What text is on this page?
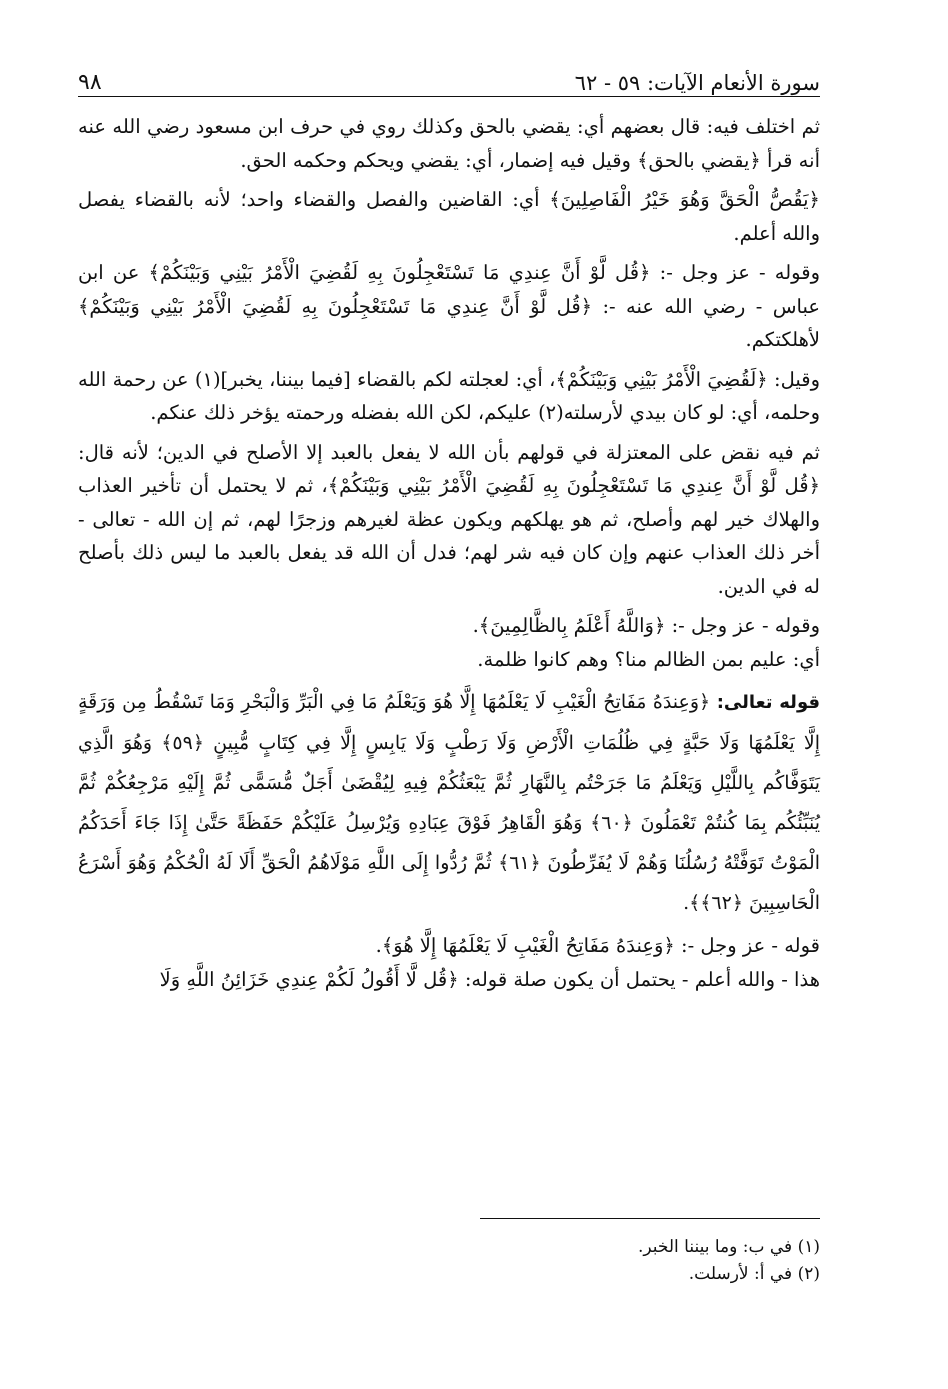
سورة الأنعام الآيات: ٥٩ - ٦٢
٩٨

ثم اختلف فيه: قال بعضهم أي: يقضي بالحق وكذلك روي في حرف ابن مسعود رضي الله عنه أنه قرأ ﴿يقضي بالحق﴾ وقيل فيه إضمار، أي: يقضي ويحكم وحكمه الحق.

﴿يَقُصُّ الْحَقَّ وَهُوَ خَيْرُ الْفَاصِلِينَ﴾ أي: القاضين والفصل والقضاء واحد؛ لأنه بالقضاء يفصل والله أعلم.

وقوله - عز وجل -: ﴿قُل لَّوْ أَنَّ عِندِي مَا تَسْتَعْجِلُونَ بِهِ لَقُضِيَ الْأَمْرُ بَيْنِي وَبَيْنَكُمْ﴾ عن ابن عباس - رضي الله عنه -: ﴿قُل لَّوْ أَنَّ عِندِي مَا تَسْتَعْجِلُونَ بِهِ لَقُضِيَ الْأَمْرُ بَيْنِي وَبَيْنَكُمْ﴾ لأهلكتكم.

وقيل: ﴿لَقُضِيَ الْأَمْرُ بَيْنِي وَبَيْنَكُمْ﴾، أي: لعجلته لكم بالقضاء [فيما بيننا، يخبر](١) عن رحمة الله وحلمه، أي: لو كان بيدي لأرسلته(٢) عليكم، لكن الله بفضله ورحمته يؤخر ذلك عنكم.

ثم فيه نقض على المعتزلة في قولهم بأن الله لا يفعل بالعبد إلا الأصلح في الدين؛ لأنه قال: ﴿قُل لَّوْ أَنَّ عِندِي مَا تَسْتَعْجِلُونَ بِهِ لَقُضِيَ الْأَمْرُ بَيْنِي وَبَيْنَكُمْ﴾، ثم لا يحتمل أن تأخير العذاب والهلاك خير لهم وأصلح، ثم هو يهلكهم ويكون عظة لغيرهم وزجرًا لهم، ثم إن الله - تعالى - أخر ذلك العذاب عنهم وإن كان فيه شر لهم؛ فدل أن الله قد يفعل بالعبد ما ليس ذلك بأصلح له في الدين.

وقوله - عز وجل -: ﴿وَاللَّهُ أَعْلَمُ بِالظَّالِمِينَ﴾.

أي: عليم بمن الظالم منا؟ وهم كانوا ظلمة.

قوله تعالى: ﴿وَعِندَهُ مَفَاتِحُ الْغَيْبِ لَا يَعْلَمُهَا إِلَّا هُوَ وَيَعْلَمُ مَا فِي الْبَرِّ وَالْبَحْرِ وَمَا تَسْقُطُ مِن وَرَقَةٍ إِلَّا يَعْلَمُهَا وَلَا حَبَّةٍ فِي ظُلُمَاتِ الْأَرْضِ وَلَا رَطْبٍ وَلَا يَابِسٍ إِلَّا فِي كِتَابٍ مُّبِينٍ ﴿٥٩﴾ وَهُوَ الَّذِي يَتَوَفَّاكُم بِاللَّيْلِ وَيَعْلَمُ مَا جَرَحْتُم بِالنَّهَارِ ثُمَّ يَبْعَثُكُمْ فِيهِ لِيُقْضَىٰ أَجَلٌ مُّسَمًّى ثُمَّ إِلَيْهِ مَرْجِعُكُمْ ثُمَّ يُنَبِّئُكُم بِمَا كُنتُمْ تَعْمَلُونَ ﴿٦٠﴾ وَهُوَ الْقَاهِرُ فَوْقَ عِبَادِهِ وَيُرْسِلُ عَلَيْكُمْ حَفَظَةً حَتَّىٰ إِذَا جَاءَ أَحَدَكُمُ الْمَوْتُ تَوَفَّتْهُ رُسُلُنَا وَهُمْ لَا يُفَرِّطُونَ ﴿٦١﴾ ثُمَّ رُدُّوا إِلَى اللَّهِ مَوْلَاهُمُ الْحَقِّ أَلَا لَهُ الْحُكْمُ وَهُوَ أَسْرَعُ الْحَاسِبِينَ ﴿٦٢﴾﴾.

قوله - عز وجل -: ﴿وَعِندَهُ مَفَاتِحُ الْغَيْبِ لَا يَعْلَمُهَا إِلَّا هُوَ﴾.

هذا - والله أعلم - يحتمل أن يكون صلة قوله: ﴿قُل لَّا أَقُولُ لَكُمْ عِندِي خَزَائِنُ اللَّهِ وَلَا

(١) في ب: وما بيننا الخبر.

(٢) في أ: لأرسلت.
